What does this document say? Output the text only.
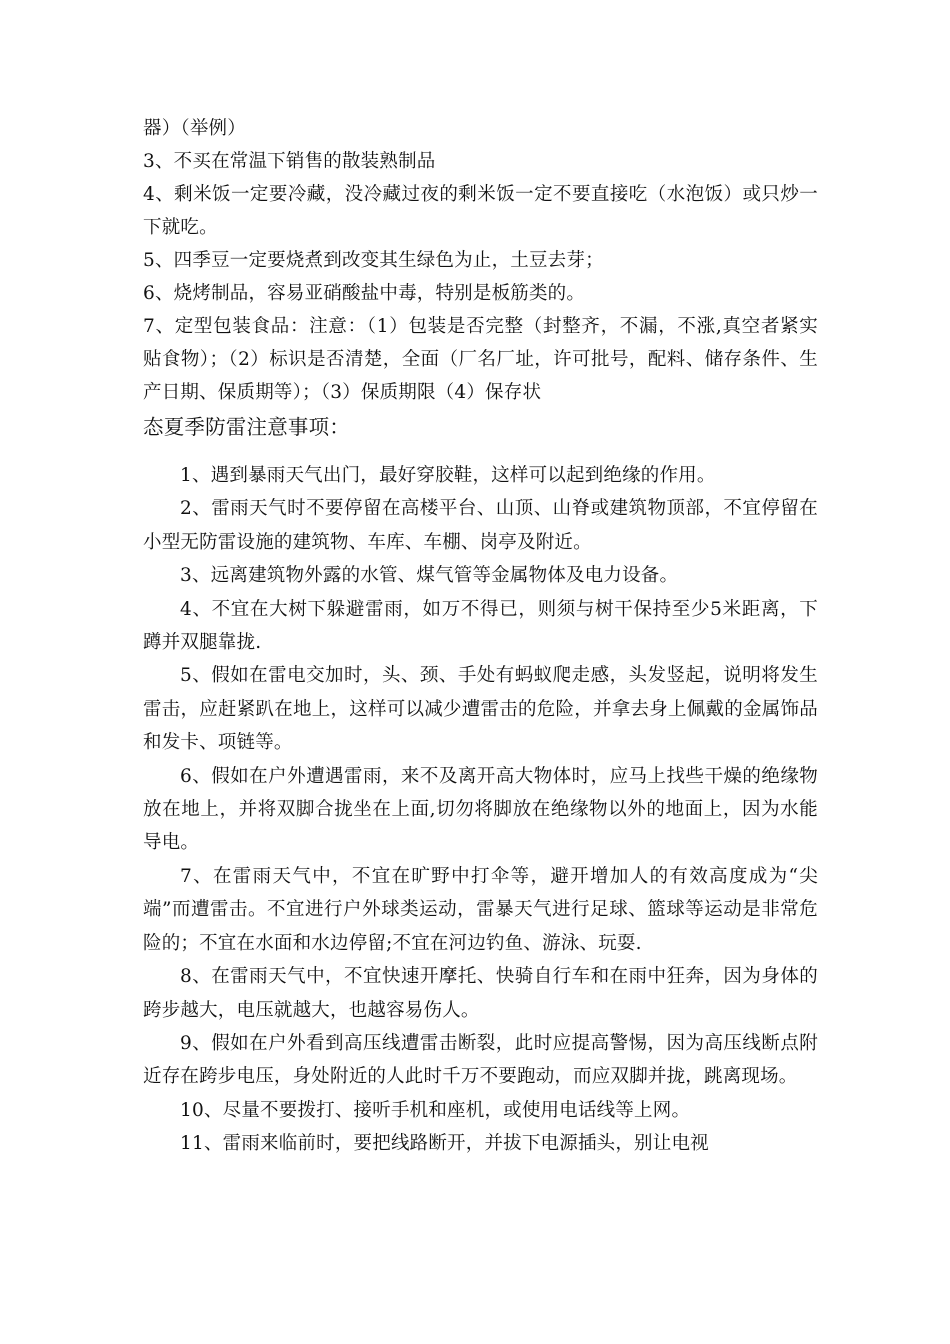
器）（举例）

3、不买在常温下销售的散装熟制品

4、剩米饭一定要冷藏，没冷藏过夜的剩米饭一定不要直接吃（水泡饭）或只炒一下就吃。

5、四季豆一定要烧煮到改变其生绿色为止，土豆去芽；

6、烧烤制品，容易亚硝酸盐中毒，特别是板筋类的。

7、定型包装食品：注意：（1）包装是否完整（封整齐，不漏，不涨,真空者紧实贴食物）；（2）标识是否清楚，全面（厂名厂址，许可批号，配料、储存条件、生产日期、保质期等）；（3）保质期限（4）保存状

态夏季防雷注意事项：

1、遇到暴雨天气出门，最好穿胶鞋，这样可以起到绝缘的作用。

2、雷雨天气时不要停留在高楼平台、山顶、山脊或建筑物顶部，不宜停留在小型无防雷设施的建筑物、车库、车棚、岗亭及附近。

3、远离建筑物外露的水管、煤气管等金属物体及电力设备。

4、不宜在大树下躲避雷雨，如万不得已，则须与树干保持至少5米距离，下蹲并双腿靠拢.

5、假如在雷电交加时，头、颈、手处有蚂蚁爬走感，头发竖起，说明将发生雷击，应赶紧趴在地上，这样可以减少遭雷击的危险，并拿去身上佩戴的金属饰品和发卡、项链等。

6、假如在户外遭遇雷雨，来不及离开高大物体时，应马上找些干燥的绝缘物放在地上，并将双脚合拢坐在上面,切勿将脚放在绝缘物以外的地面上，因为水能导电。

7、在雷雨天气中，不宜在旷野中打伞等，避开增加人的有效高度成为“尖端”而遭雷击。不宜进行户外球类运动，雷暴天气进行足球、篮球等运动是非常危险的；不宜在水面和水边停留;不宜在河边钓鱼、游泳、玩耍.

8、在雷雨天气中，不宜快速开摩托、快骑自行车和在雨中狂奔，因为身体的跨步越大，电压就越大，也越容易伤人。

9、假如在户外看到高压线遭雷击断裂，此时应提高警惕，因为高压线断点附近存在跨步电压，身处附近的人此时千万不要跑动，而应双脚并拢，跳离现场。

10、尽量不要拨打、接听手机和座机，或使用电话线等上网。

11、雷雨来临前时，要把线路断开，并拔下电源插头，别让电视
